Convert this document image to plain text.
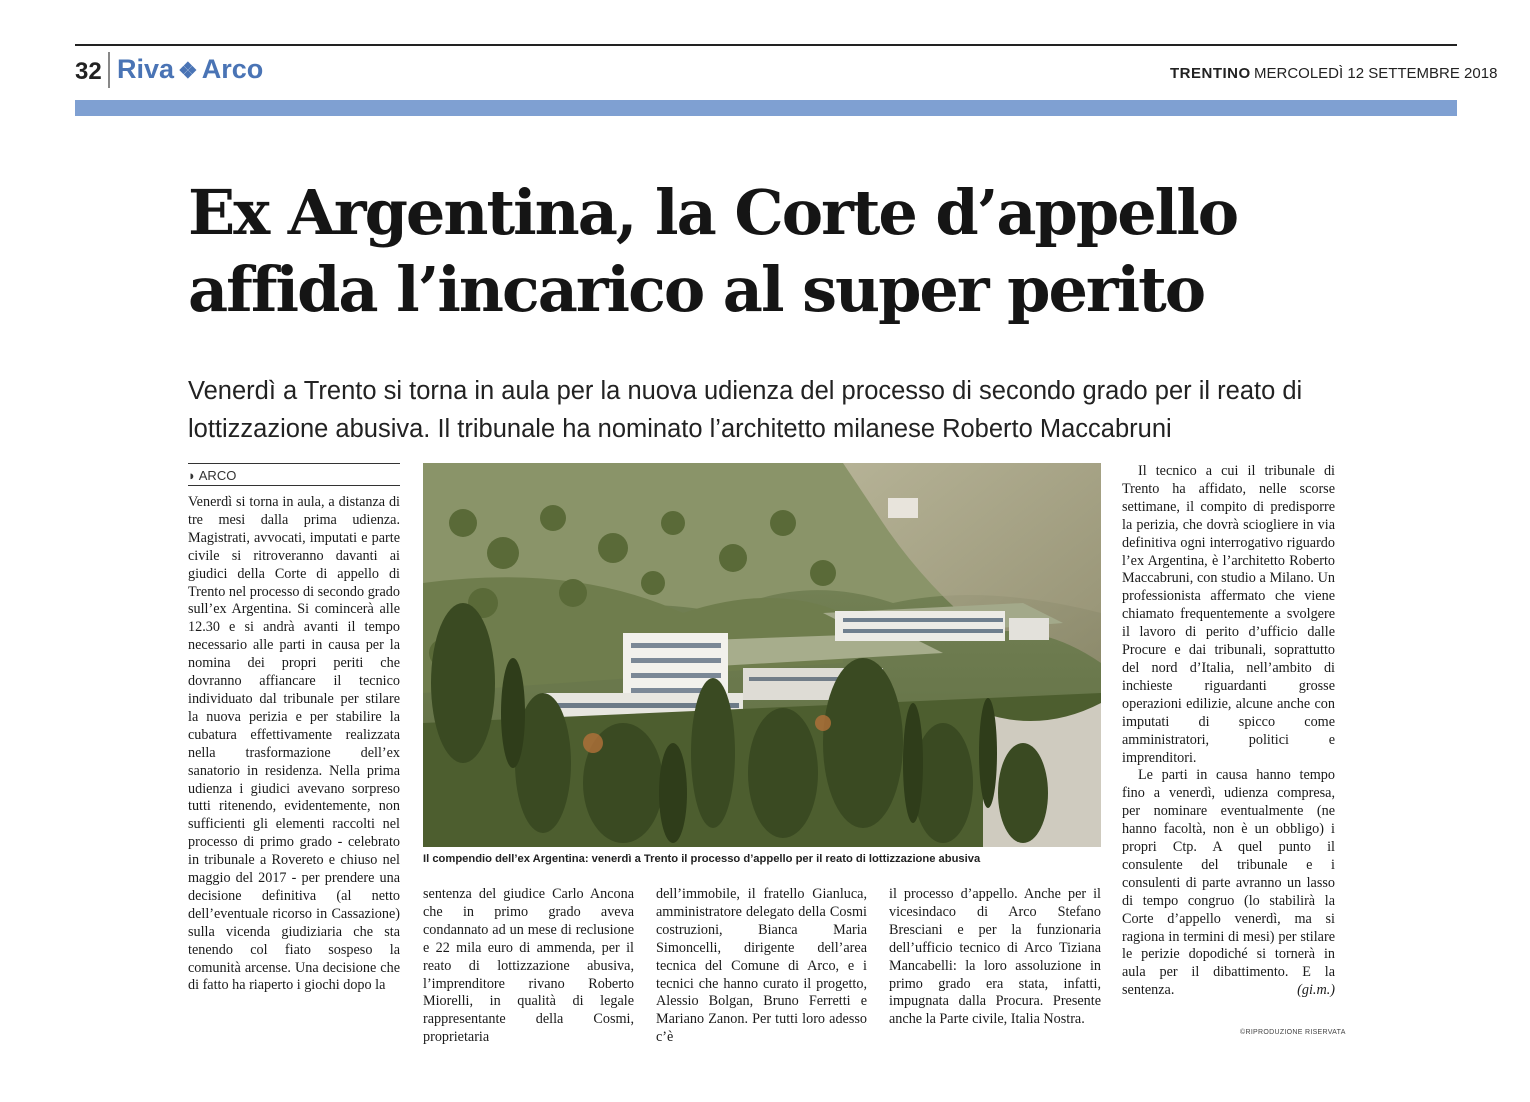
32 Riva ❖ Arco	TRENTINO MERCOLEDÌ 12 SETTEMBRE 2018
Ex Argentina, la Corte d’appello
affida l’incarico al super perito

Venerdì a Trento si torna in aula per la nuova udienza del processo di secondo grado per il reato di lottizzazione abusiva. Il tribunale ha nominato l’architetto milanese Roberto Maccabruni

◗ ARCO

Venerdì si torna in aula, a distanza di tre mesi dalla prima udienza. Magistrati, avvocati, imputati e parte civile si ritroveranno davanti ai giudici della Corte di appello di Trento nel processo di secondo grado sull’ex Argentina. Si comincerà alle 12.30 e si andrà avanti il tempo necessario alle parti in causa per la nomina dei propri periti che dovranno affiancare il tecnico individuato dal tribunale per stilare la nuova perizia e per stabilire la cubatura effettivamente realizzata nella trasformazione dell’ex sanatorio in residenza. Nella prima udienza i giudici avevano sorpreso tutti ritenendo, evidentemente, non sufficienti gli elementi raccolti nel processo di primo grado - celebrato in tribunale a Rovereto e chiuso nel maggio del 2017 - per prendere una decisione definitiva (al netto dell’eventuale ricorso in Cassazione) sulla vicenda giudiziaria che sta tenendo col fiato sospeso la comunità arcense. Una decisione che di fatto ha riaperto i giochi dopo la

Il compendio dell’ex Argentina: venerdì a Trento il processo d’appello per il reato di lottizzazione abusiva

sentenza del giudice Carlo Ancona che in primo grado aveva condannato ad un mese di reclusione e 22 mila euro di ammenda, per il reato di lottizzazione abusiva, l’imprenditore rivano Roberto Miorelli, in qualità di legale rappresentante della Cosmi, proprietaria

dell’immobile, il fratello Gianluca, amministratore delegato della Cosmi costruzioni, Bianca Maria Simoncelli, dirigente dell’area tecnica del Comune di Arco, e i tecnici che hanno curato il progetto, Alessio Bolgan, Bruno Ferretti e Mariano Zanon. Per tutti loro adesso c’è

il processo d’appello. Anche per il vicesindaco di Arco Stefano Bresciani e per la funzionaria dell’ufficio tecnico di Arco Tiziana Mancabelli: la loro assoluzione in primo grado era stata, infatti, impugnata dalla Procura. Presente anche la Parte civile, Italia Nostra.

Il tecnico a cui il tribunale di Trento ha affidato, nelle scorse settimane, il compito di predisporre la perizia, che dovrà sciogliere in via definitiva ogni interrogativo riguardo l’ex Argentina, è l’architetto Roberto Maccabruni, con studio a Milano. Un professionista affermato che viene chiamato frequentemente a svolgere il lavoro di perito d’ufficio dalle Procure e dai tribunali, soprattutto del nord d’Italia, nell’ambito di inchieste riguardanti grosse operazioni edilizie, alcune anche con imputati di spicco come amministratori, politici e imprenditori.

Le parti in causa hanno tempo fino a venerdì, udienza compresa, per nominare eventualmente (ne hanno facoltà, non è un obbligo) i propri Ctp. A quel punto il consulente del tribunale e i consulenti di parte avranno un lasso di tempo congruo (lo stabilirà la Corte d’appello venerdì, ma si ragiona in termini di mesi) per stilare le perizie dopodiché si tornerà in aula per il dibattimento. E la sentenza.	(gi.m.)

©RIPRODUZIONE RISERVATA
